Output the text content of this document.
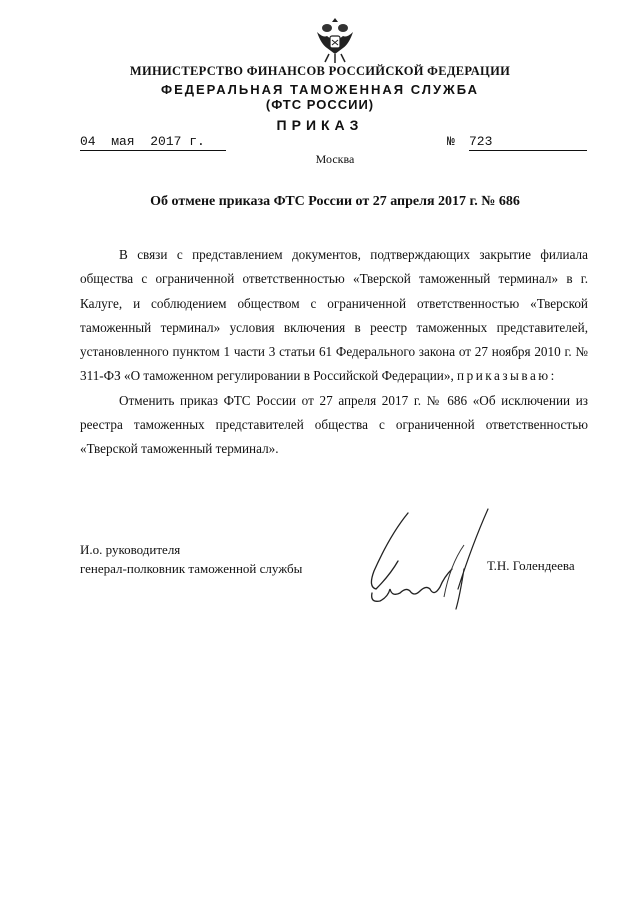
МИНИСТЕРСТВО ФИНАНСОВ РОССИЙСКОЙ ФЕДЕРАЦИИ
ФЕДЕРАЛЬНАЯ ТАМОЖЕННАЯ СЛУЖБА
(ФТС РОССИИ)
ПРИКАЗ
04  мая  2017 г.	№ 723
Москва
Об отмене приказа ФТС России от 27 апреля 2017 г. № 686

В связи с представлением документов, подтверждающих закрытие филиала общества с ограниченной ответственностью «Тверской таможенный терминал» в г. Калуге, и соблюдением обществом с ограниченной ответственностью «Тверской таможенный терминал» условия включения в реестр таможенных представителей, установленного пунктом 1 части 3 статьи 61 Федерального закона от 27 ноября 2010 г. № 311-ФЗ «О таможенном регулировании в Российской Федерации», приказываю:

Отменить приказ ФТС России от 27 апреля 2017 г. № 686 «Об исключении из реестра таможенных представителей общества с ограниченной ответственностью «Тверской таможенный терминал».

И.о. руководителя
генерал-полковник таможенной службы	Т.Н. Голендеева
